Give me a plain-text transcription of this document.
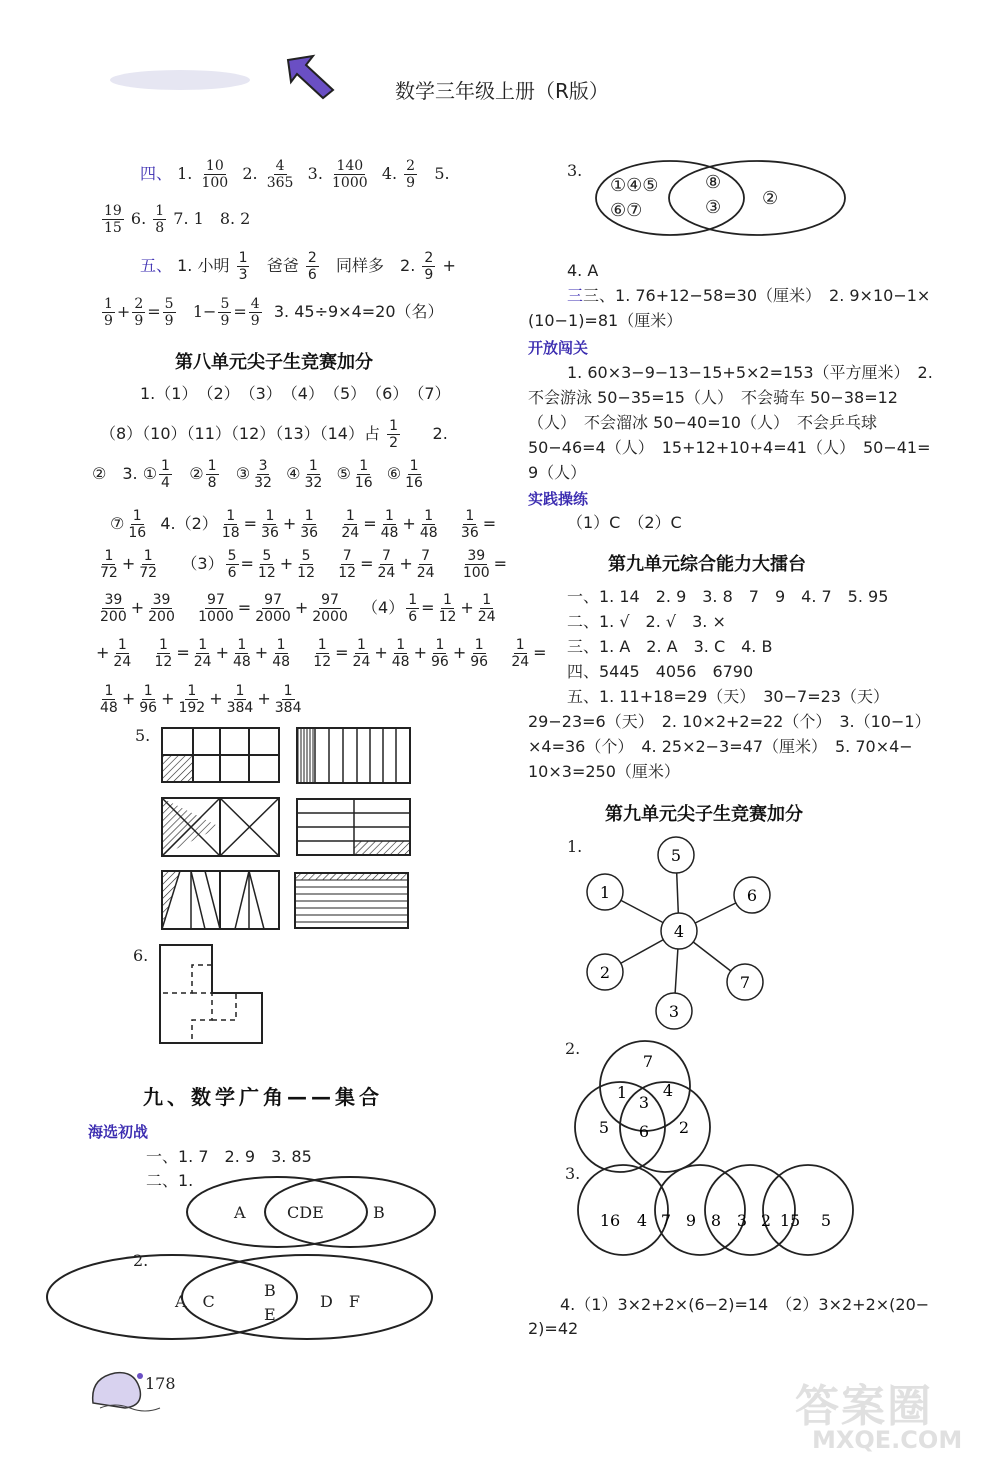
数学三年级上册（R版）
四、 1. $\frac{10}{100} 2$. $\frac{4}{365} 3$. $\frac{140}{1000} 4$. $\frac{2}{9} 5$.
$\frac{19}{15} 6$. $\frac{1}{8} 7$. 1　8. 2
五、 1. 小明 $\frac{1}{3}$ 爸爸 $\frac{2}{6}$ 同样多　2. $\frac{2}{9}$ +
$\frac{1}{9} + \frac{2}{9} = \frac{5}{9} 1- \frac{5}{9} = \frac{4}{9} 3$. 45÷9×4=20（名）
第八单元尖子生竞赛加分
1.（1）　（2）　（3）　（4）　（5）　（6）　（7）
（8）（10）（11）（12）（13）（14）占 $\frac{1}{2} 2$.
②　3. ① $\frac{1}{4}$ ② $\frac{1}{8}$ ③ $\frac{3}{32}$ ④ $\frac{1}{32}$ ⑤ $\frac{1}{16}$ ⑥ $\frac{1}{16}$
⑦ $\frac{1}{16} 4.(2) \frac{1}{18} = \frac{1}{36} + \frac{1}{36}$
$\frac{1}{24} = \frac{1}{48} + \frac{1}{48}$
$\frac{1}{36}$ =
$\frac{1}{72} + \frac{1}{72} (3) \frac{5}{6} = \frac{5}{12} + \frac{5}{12}$
$\frac{7}{12} = \frac{7}{24} + \frac{7}{24}$
$\frac{39}{100}$ =
$\frac{39}{200} + \frac{39}{200}$
$\frac{97}{1000} = \frac{97}{2000} + \frac{97}{2000} (4) \frac{1}{6} = \frac{1}{12} + \frac{1}{24}$
+ $\frac{1}{24}$
$\frac{1}{12} = \frac{1}{24} + \frac{1}{48} + \frac{1}{48}$
$\frac{1}{12} = \frac{1}{24} + \frac{1}{48} + \frac{1}{96} + \frac{1}{96}$
$\frac{1}{24}$ =
$\frac{1}{48} + \frac{1}{96} + \frac{1}{192} + \frac{1}{384} + \frac{1}{384}$
5.
6.
九、数学广角——集合
海选初战
一、1. 7　2. 9　3. 85
二、1.
A	CDE	B
2.
A　C
B
E
D　F
178
3.
①④⑤
⑥⑦
⑧
③ ②
4. A
三三、1. 76+12−58=30（厘米）　2. 9×10−1×
(10−1)=81（厘米）
开放闯关
1. 60×3−9−13−15+5×2=153（平方厘米）　2.
不会游泳 50−35=15（人）　不会骑车 50−38=12
（人）　不会溜冰 50−40=10（人）　不会乒乓球
50−46=4（人）　15+12+10+4=41（人）　50−41=
9（人）
实践操练
（1）C　（2）C
第九单元综合能力大擂台
一、1. 14　2. 9　3. 8　7　9　4. 7　5. 95
二、1. √　2. √　3. ×
三、1. A　2. A　3. C　4. B
四、5445　4056　6790
五、1. 11+18=29（天）　30−7=23（天）
29−23=6（天）　2. 10×2+2=22（个）　3.（10−1）
×4=36（个）　4. 25×2−3=47（厘米）　5. 70×4−
10×3=250（厘米）
第九单元尖子生竞赛加分
1.
4
5
1	6
2
7
3
2.
7
1 4
3
5 6 2
3.
16 4 7 9 8 3 2 15 5
4.（1）3×2+2×(6−2)=14　（2）3×2+2×(20−
2)=42
答案圈
MXQE.COM
